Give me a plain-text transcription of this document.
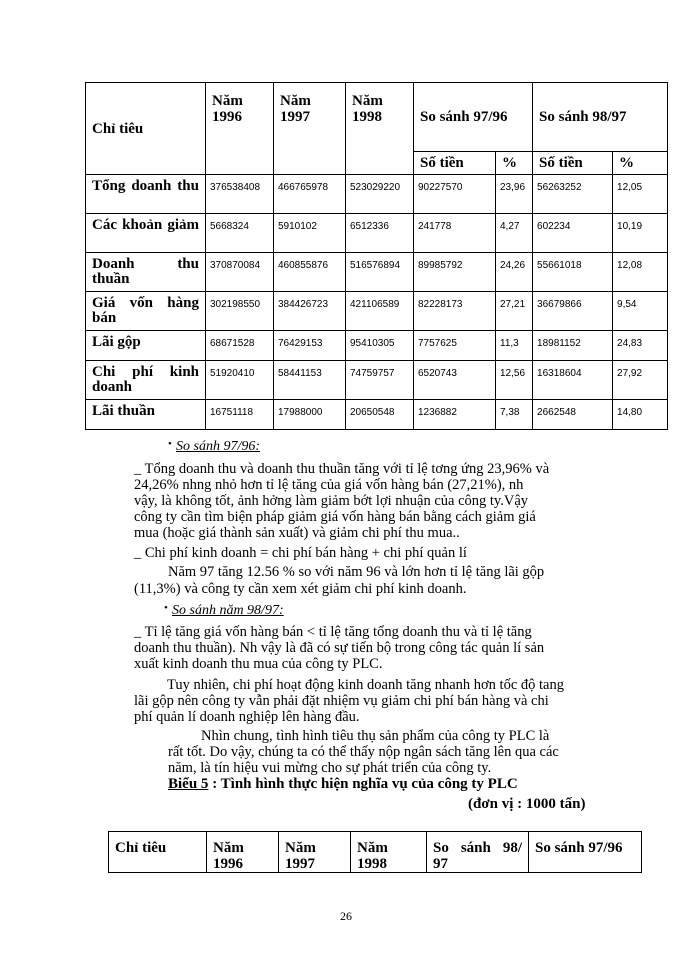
Chỉ tiêu	Năm 1996	Năm 1997	Năm 1998	So sánh 97/96		So sánh 98/97	
				Số tiền	%	Số tiền	%
Tổng doanh thu	376538408	466765978	523029220	90227570	23,96	56263252	12,05
Các khoản giảm	5668324	5910102	6512336	241778	4,27	602234	10,19
Doanh thu thuần	370870084	460855876	516576894	89985792	24,26	55661018	12,08
Giá vốn hàng bán	302198550	384426723	421106589	82228173	27,21	36679866	9,54
Lãi gộp	68671528	76429153	95410305	7757625	11,3	18981152	24,83
Chi phí kinh doanh	51920410	58441153	74759757	6520743	12,56	16318604	27,92
Lãi thuần	16751118	17988000	20650548	1236882	7,38	2662548	14,80
• So sánh 97/96:
_ Tổng doanh thu và doanh thu thuần tăng với tỉ lệ tơng ứng 23,96% và
24,26% nhng nhỏ hơn tỉ lệ tăng của giá vốn hàng bán (27,21%), nh
vậy, là không tốt, ảnh hởng làm giảm bớt lợi nhuận của công ty.Vậy
công ty cần tìm biện pháp giảm giá vốn hàng bán bằng cách giảm giá
mua (hoặc giá thành sản xuất) và giảm chi phí thu mua..
_ Chi phí kinh doanh = chi phí bán hàng + chi phí quản lí
Năm 97 tăng 12.56 % so với năm 96 và lớn hơn tỉ lệ tăng lãi gộp
(11,3%) và công ty cần xem xét giảm chi phí kinh doanh.
• So sánh năm 98/97:
_ Tỉ lệ tăng giá vốn hàng bán < tỉ lệ tăng tổng doanh thu và tỉ lệ tăng
doanh thu thuần). Nh vậy là đã có sự tiến bộ trong công tác quản lí sản
xuất kinh doanh thu mua của công ty PLC.
Tuy nhiên, chi phí hoạt động kinh doanh tăng nhanh hơn tốc độ tang
lãi gộp nên công ty vẫn phải đặt nhiệm vụ giảm chi phí bán hàng và chi
phí quản lí doanh nghiệp lên hàng đầu.
Nhìn chung, tình hình tiêu thụ sản phẩm của công ty PLC là
rất tốt. Do vậy, chúng ta có thể thấy nộp ngân sách tăng lên qua các
năm, là tín hiệu vui mừng cho sự phát triển của công ty.
Biểu 5 : Tình hình thực hiện nghĩa vụ của công ty PLC
(đơn vị : 1000 tấn)
Chỉ tiêu	Năm 1996	Năm 1997	Năm 1998	So sánh 98/ 97	So sánh 97/96
26
